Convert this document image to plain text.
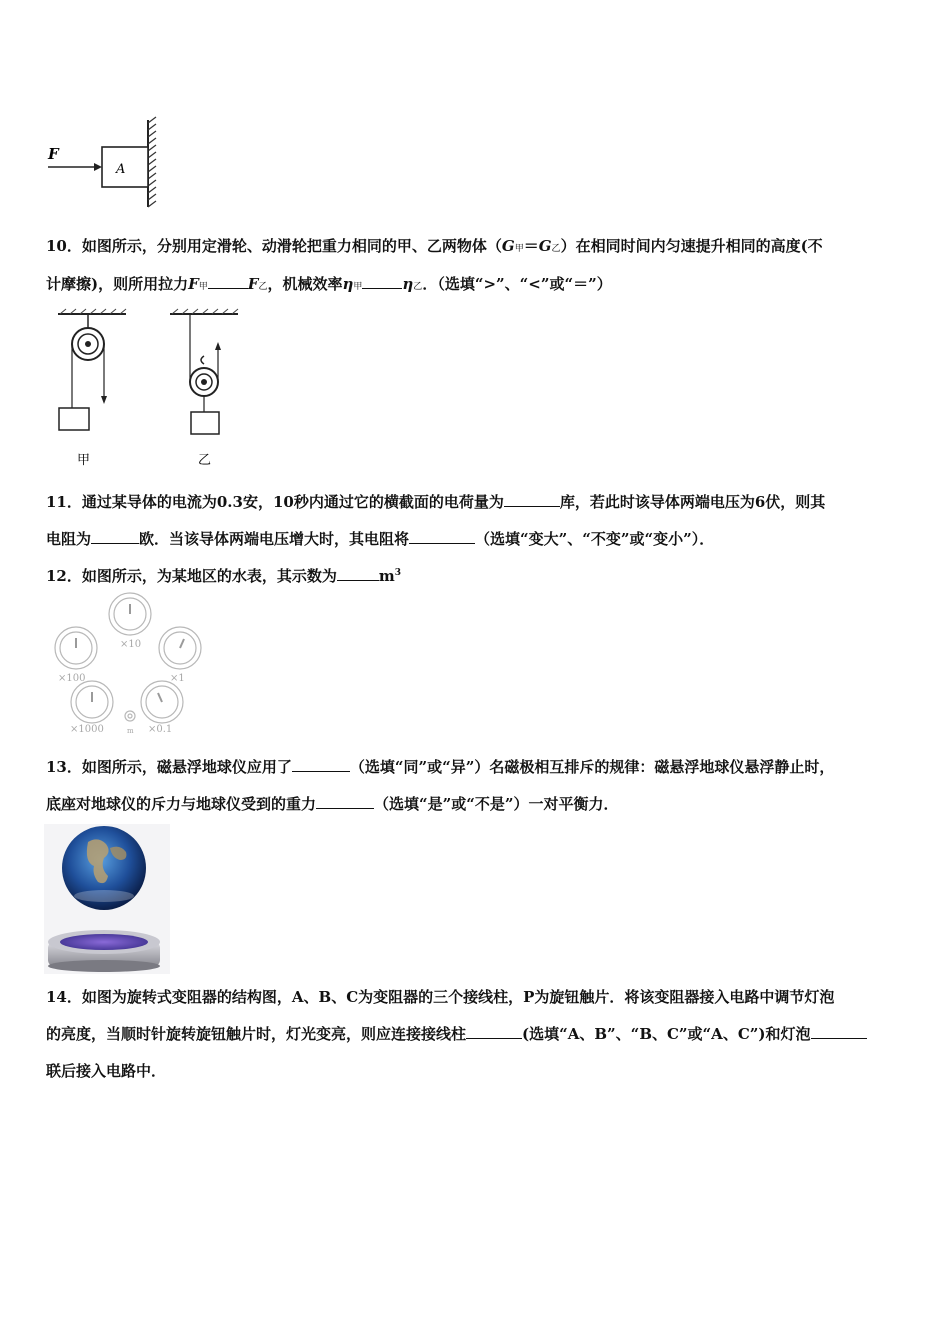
F
A
10．如图所示，分别用定滑轮、动滑轮把重力相同的甲、乙两物体（G甲＝G乙）在相同时间内匀速提升相同的高度(不
计摩擦)，则所用拉力F甲	F乙，机械效率η甲	η乙．（选填“>”、“<”或“＝”）
甲	乙
11．通过某导体的电流为0.3安，10秒内通过它的横截面的电荷量为	库，若此时该导体两端电压为6伏，则其
电阻为	欧．当该导体两端电压增大时，其电阻将	（选填“变大”、“不变”或“变小”）．
12．如图所示，为某地区的水表，其示数为	$m^3$
×10
×100	×1
×1000	×0.1
m
13．如图所示，磁悬浮地球仪应用了	（选填“同”或“异”）名磁极相互排斥的规律：磁悬浮地球仪悬浮静止时，
底座对地球仪的斥力与地球仪受到的重力	（选填“是”或“不是”）一对平衡力．
14．如图为旋转式变阻器的结构图，A、B、C为变阻器的三个接线柱，P为旋钮触片．将该变阻器接入电路中调节灯泡
的亮度，当顺时针旋转旋钮触片时，灯光变亮，则应连接接线柱	(选填“A、B”、“B、C”或“A、C”)和灯泡
联后接入电路中．
